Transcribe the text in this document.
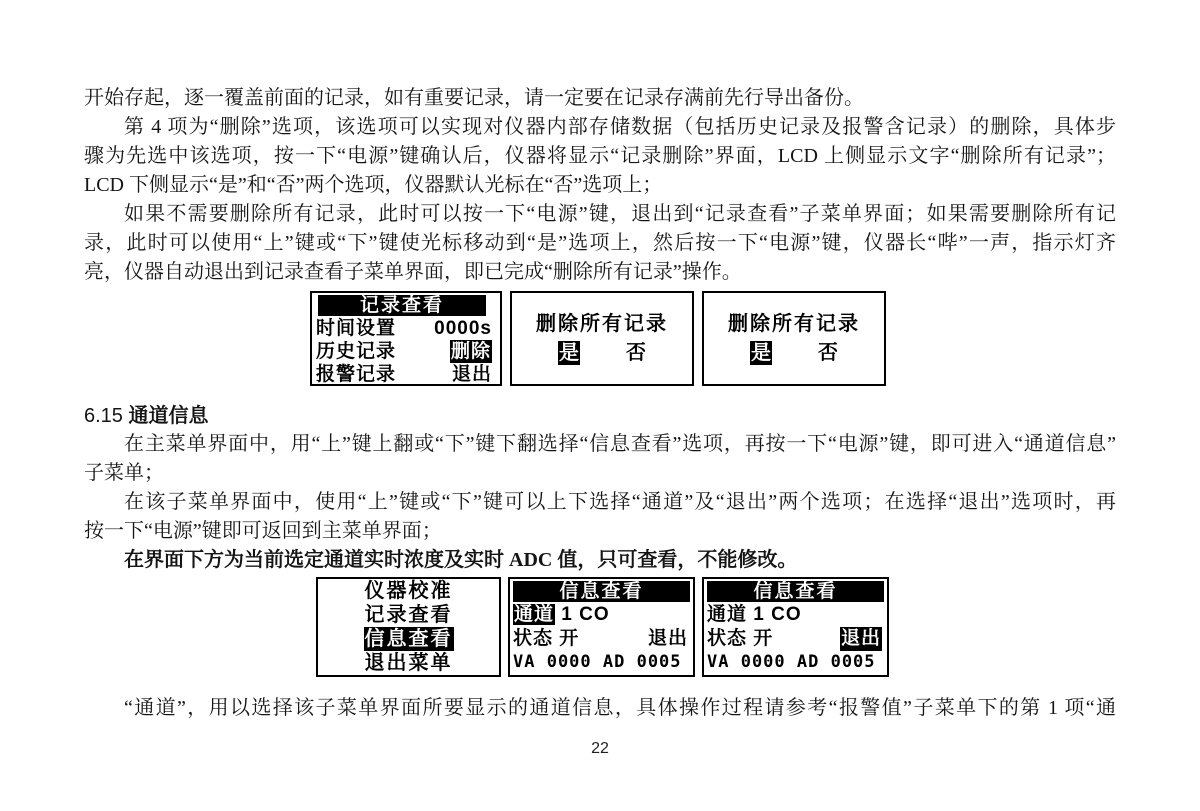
开始存起，逐一覆盖前面的记录，如有重要记录，请一定要在记录存满前先行导出备份。
第 4 项为“删除”选项，该选项可以实现对仪器内部存储数据（包括历史记录及报警含记录）的删除，具体步
骤为先选中该选项，按一下“电源”键确认后，仪器将显示“记录删除”界面，LCD 上侧显示文字“删除所有记录”；
LCD 下侧显示“是”和“否”两个选项，仪器默认光标在“否”选项上；
如果不需要删除所有记录，此时可以按一下“电源”键，退出到“记录查看”子菜单界面；如果需要删除所有记
录，此时可以使用“上”键或“下”键使光标移动到“是”选项上，然后按一下“电源”键，仪器长“哔”一声，指示灯齐
亮，仪器自动退出到记录查看子菜单界面，即已完成“删除所有记录”操作。
记录查看
时间设置 0000s
历史记录	删除
报警记录	退出
删除所有记录
是 否
删除所有记录
是 否
6.15 通道信息
在主菜单界面中，用“上”键上翻或“下”键下翻选择“信息查看”选项，再按一下“电源”键，即可进入“通道信息”
子菜单；
在该子菜单界面中，使用“上”键或“下”键可以上下选择“通道”及“退出”两个选项；在选择“退出”选项时，再
按一下“电源”键即可返回到主菜单界面；
在界面下方为当前选定通道实时浓度及实时 ADC 值，只可查看，不能修改。
仪器校准
记录查看
信息查看
退出菜单
信息查看
通道 1 CO
状态 开	退出
VA 0000 AD 0005
信息查看
通道 1 CO
状态 开	退出
VA 0000 AD 0005
“通道”，用以选择该子菜单界面所要显示的通道信息，具体操作过程请参考“报警值”子菜单下的第 1 项“通
22
